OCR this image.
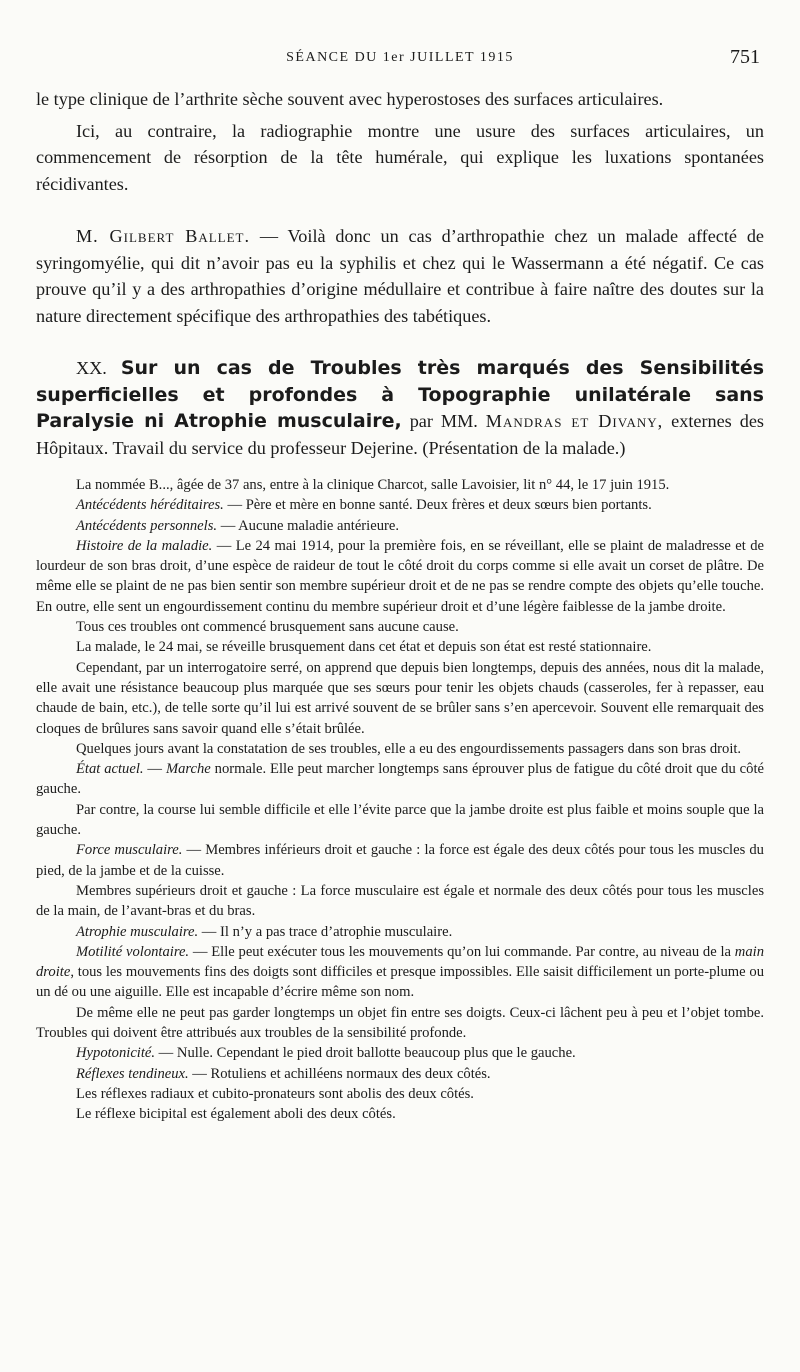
SÉANCE DU 1er JUILLET 1915	751

le type clinique de l’arthrite sèche souvent avec hyperostoses des surfaces articulaires.

Ici, au contraire, la radiographie montre une usure des surfaces articulaires, un commencement de résorption de la tête humérale, qui explique les luxations spontanées récidivantes.

M. Gilbert Ballet. — Voilà donc un cas d’arthropathie chez un malade affecté de syringomyélie, qui dit n’avoir pas eu la syphilis et chez qui le Wassermann a été négatif. Ce cas prouve qu’il y a des arthropathies d’origine médullaire et contribue à faire naître des doutes sur la nature directement spécifique des arthropathies des tabétiques.

XX. Sur un cas de Troubles très marqués des Sensibilités superficielles et profondes à Topographie unilatérale sans Paralysie ni Atrophie musculaire, par MM. Mandras et Divany, externes des Hôpitaux. Travail du service du professeur Dejerine. (Présentation de la malade.)

La nommée B..., âgée de 37 ans, entre à la clinique Charcot, salle Lavoisier, lit n° 44, le 17 juin 1915.

Antécédents héréditaires. — Père et mère en bonne santé. Deux frères et deux sœurs bien portants.

Antécédents personnels. — Aucune maladie antérieure.

Histoire de la maladie. — Le 24 mai 1914, pour la première fois, en se réveillant, elle se plaint de maladresse et de lourdeur de son bras droit, d’une espèce de raideur de tout le côté droit du corps comme si elle avait un corset de plâtre. De même elle se plaint de ne pas bien sentir son membre supérieur droit et de ne pas se rendre compte des objets qu’elle touche. En outre, elle sent un engourdissement continu du membre supérieur droit et d’une légère faiblesse de la jambe droite.

Tous ces troubles ont commencé brusquement sans aucune cause.

La malade, le 24 mai, se réveille brusquement dans cet état et depuis son état est resté stationnaire.

Cependant, par un interrogatoire serré, on apprend que depuis bien longtemps, depuis des années, nous dit la malade, elle avait une résistance beaucoup plus marquée que ses sœurs pour tenir les objets chauds (casseroles, fer à repasser, eau chaude de bain, etc.), de telle sorte qu’il lui est arrivé souvent de se brûler sans s’en apercevoir. Souvent elle remarquait des cloques de brûlures sans savoir quand elle s’était brûlée.

Quelques jours avant la constatation de ses troubles, elle a eu des engourdissements passagers dans son bras droit.

État actuel. — Marche normale. Elle peut marcher longtemps sans éprouver plus de fatigue du côté droit que du côté gauche.

Par contre, la course lui semble difficile et elle l’évite parce que la jambe droite est plus faible et moins souple que la gauche.

Force musculaire. — Membres inférieurs droit et gauche : la force est égale des deux côtés pour tous les muscles du pied, de la jambe et de la cuisse.

Membres supérieurs droit et gauche : La force musculaire est égale et normale des deux côtés pour tous les muscles de la main, de l’avant-bras et du bras.

Atrophie musculaire. — Il n’y a pas trace d’atrophie musculaire.

Motilité volontaire. — Elle peut exécuter tous les mouvements qu’on lui commande. Par contre, au niveau de la main droite, tous les mouvements fins des doigts sont difficiles et presque impossibles. Elle saisit difficilement un porte-plume ou un dé ou une aiguille. Elle est incapable d’écrire même son nom.

De même elle ne peut pas garder longtemps un objet fin entre ses doigts. Ceux-ci lâchent peu à peu et l’objet tombe. Troubles qui doivent être attribués aux troubles de la sensibilité profonde.

Hypotonicité. — Nulle. Cependant le pied droit ballotte beaucoup plus que le gauche.

Réflexes tendineux. — Rotuliens et achilléens normaux des deux côtés.

Les réflexes radiaux et cubito-pronateurs sont abolis des deux côtés.

Le réflexe bicipital est également aboli des deux côtés.
